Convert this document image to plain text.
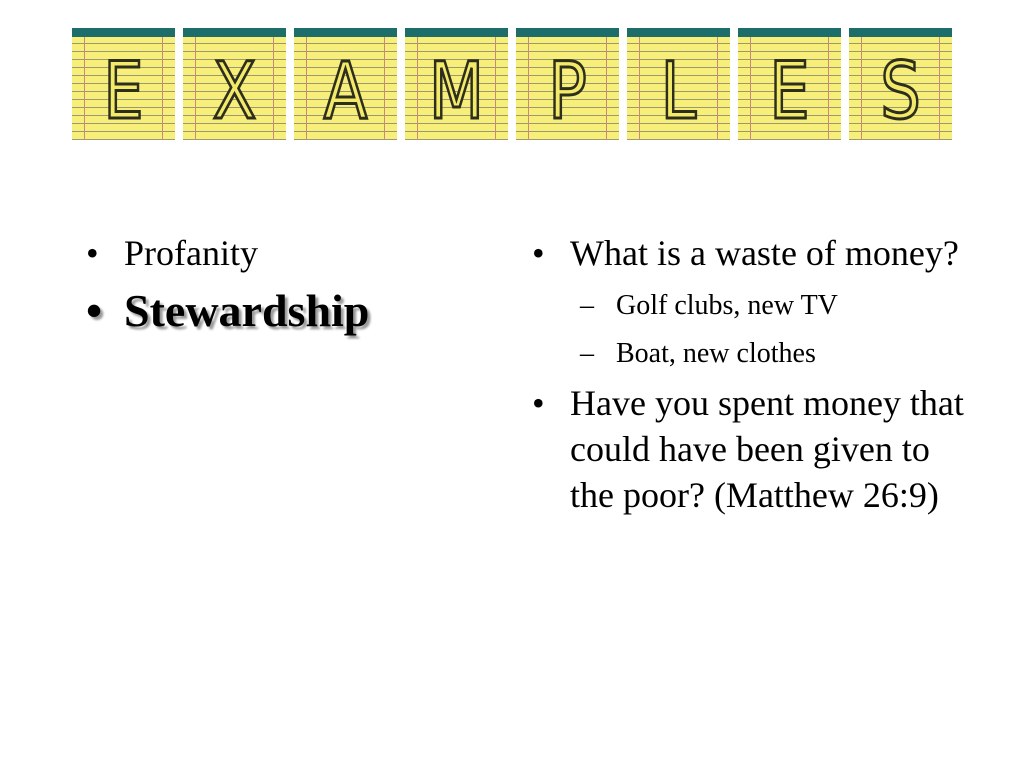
E X A M P L E S
• Profanity
• Stewardship
• What is a waste of money?
– Golf clubs, new TV
– Boat, new clothes
• Have you spent money that could have been given to the poor? (Matthew 26:9)
